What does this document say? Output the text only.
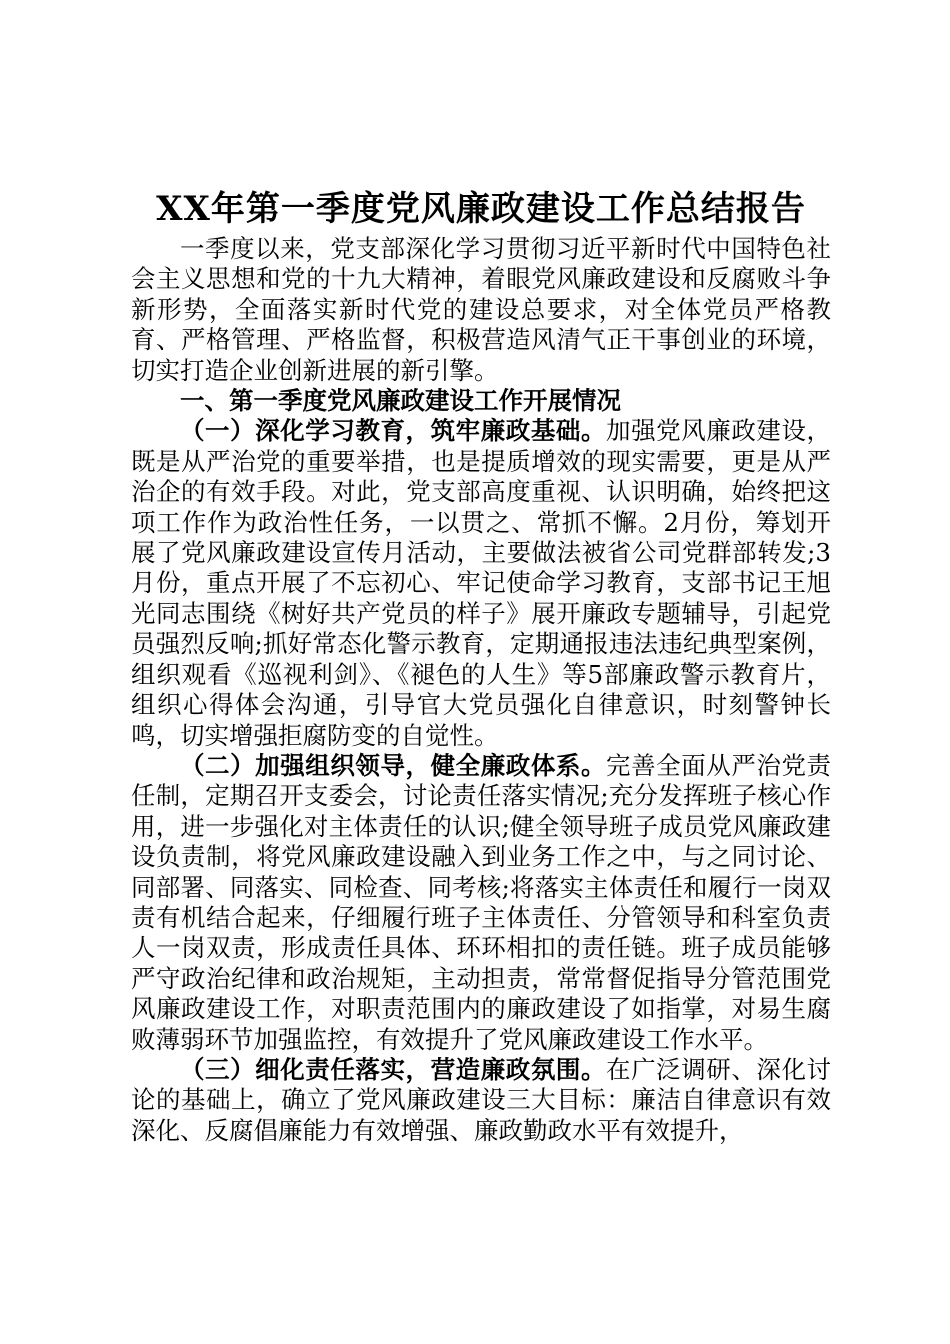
XX年第一季度党风廉政建设工作总结报告

一季度以来，党支部深化学习贯彻习近平新时代中国特色社会主义思想和党的十九大精神，着眼党风廉政建设和反腐败斗争新形势，全面落实新时代党的建设总要求，对全体党员严格教育、严格管理、严格监督，积极营造风清气正干事创业的环境，切实打造企业创新进展的新引擎。

一、第一季度党风廉政建设工作开展情况

（一）深化学习教育，筑牢廉政基础。加强党风廉政建设，既是从严治党的重要举措，也是提质增效的现实需要，更是从严治企的有效手段。对此，党支部高度重视、认识明确，始终把这项工作作为政治性任务，一以贯之、常抓不懈。2月份，筹划开展了党风廉政建设宣传月活动，主要做法被省公司党群部转发;3月份，重点开展了不忘初心、牢记使命学习教育，支部书记王旭光同志围绕《树好共产党员的样子》展开廉政专题辅导，引起党员强烈反响;抓好常态化警示教育，定期通报违法违纪典型案例，组织观看《巡视利剑》、《褪色的人生》等5部廉政警示教育片，组织心得体会沟通，引导官大党员强化自律意识，时刻警钟长鸣，切实增强拒腐防变的自觉性。

（二）加强组织领导，健全廉政体系。完善全面从严治党责任制，定期召开支委会，讨论责任落实情况;充分发挥班子核心作用，进一步强化对主体责任的认识;健全领导班子成员党风廉政建设负责制，将党风廉政建设融入到业务工作之中，与之同讨论、同部署、同落实、同检查、同考核;将落实主体责任和履行一岗双责有机结合起来，仔细履行班子主体责任、分管领导和科室负责人一岗双责，形成责任具体、环环相扣的责任链。班子成员能够严守政治纪律和政治规矩，主动担责，常常督促指导分管范围党风廉政建设工作，对职责范围内的廉政建设了如指掌，对易生腐败薄弱环节加强监控，有效提升了党风廉政建设工作水平。

（三）细化责任落实，营造廉政氛围。在广泛调研、深化讨论的基础上，确立了党风廉政建设三大目标：廉洁自律意识有效深化、反腐倡廉能力有效增强、廉政勤政水平有效提升，
